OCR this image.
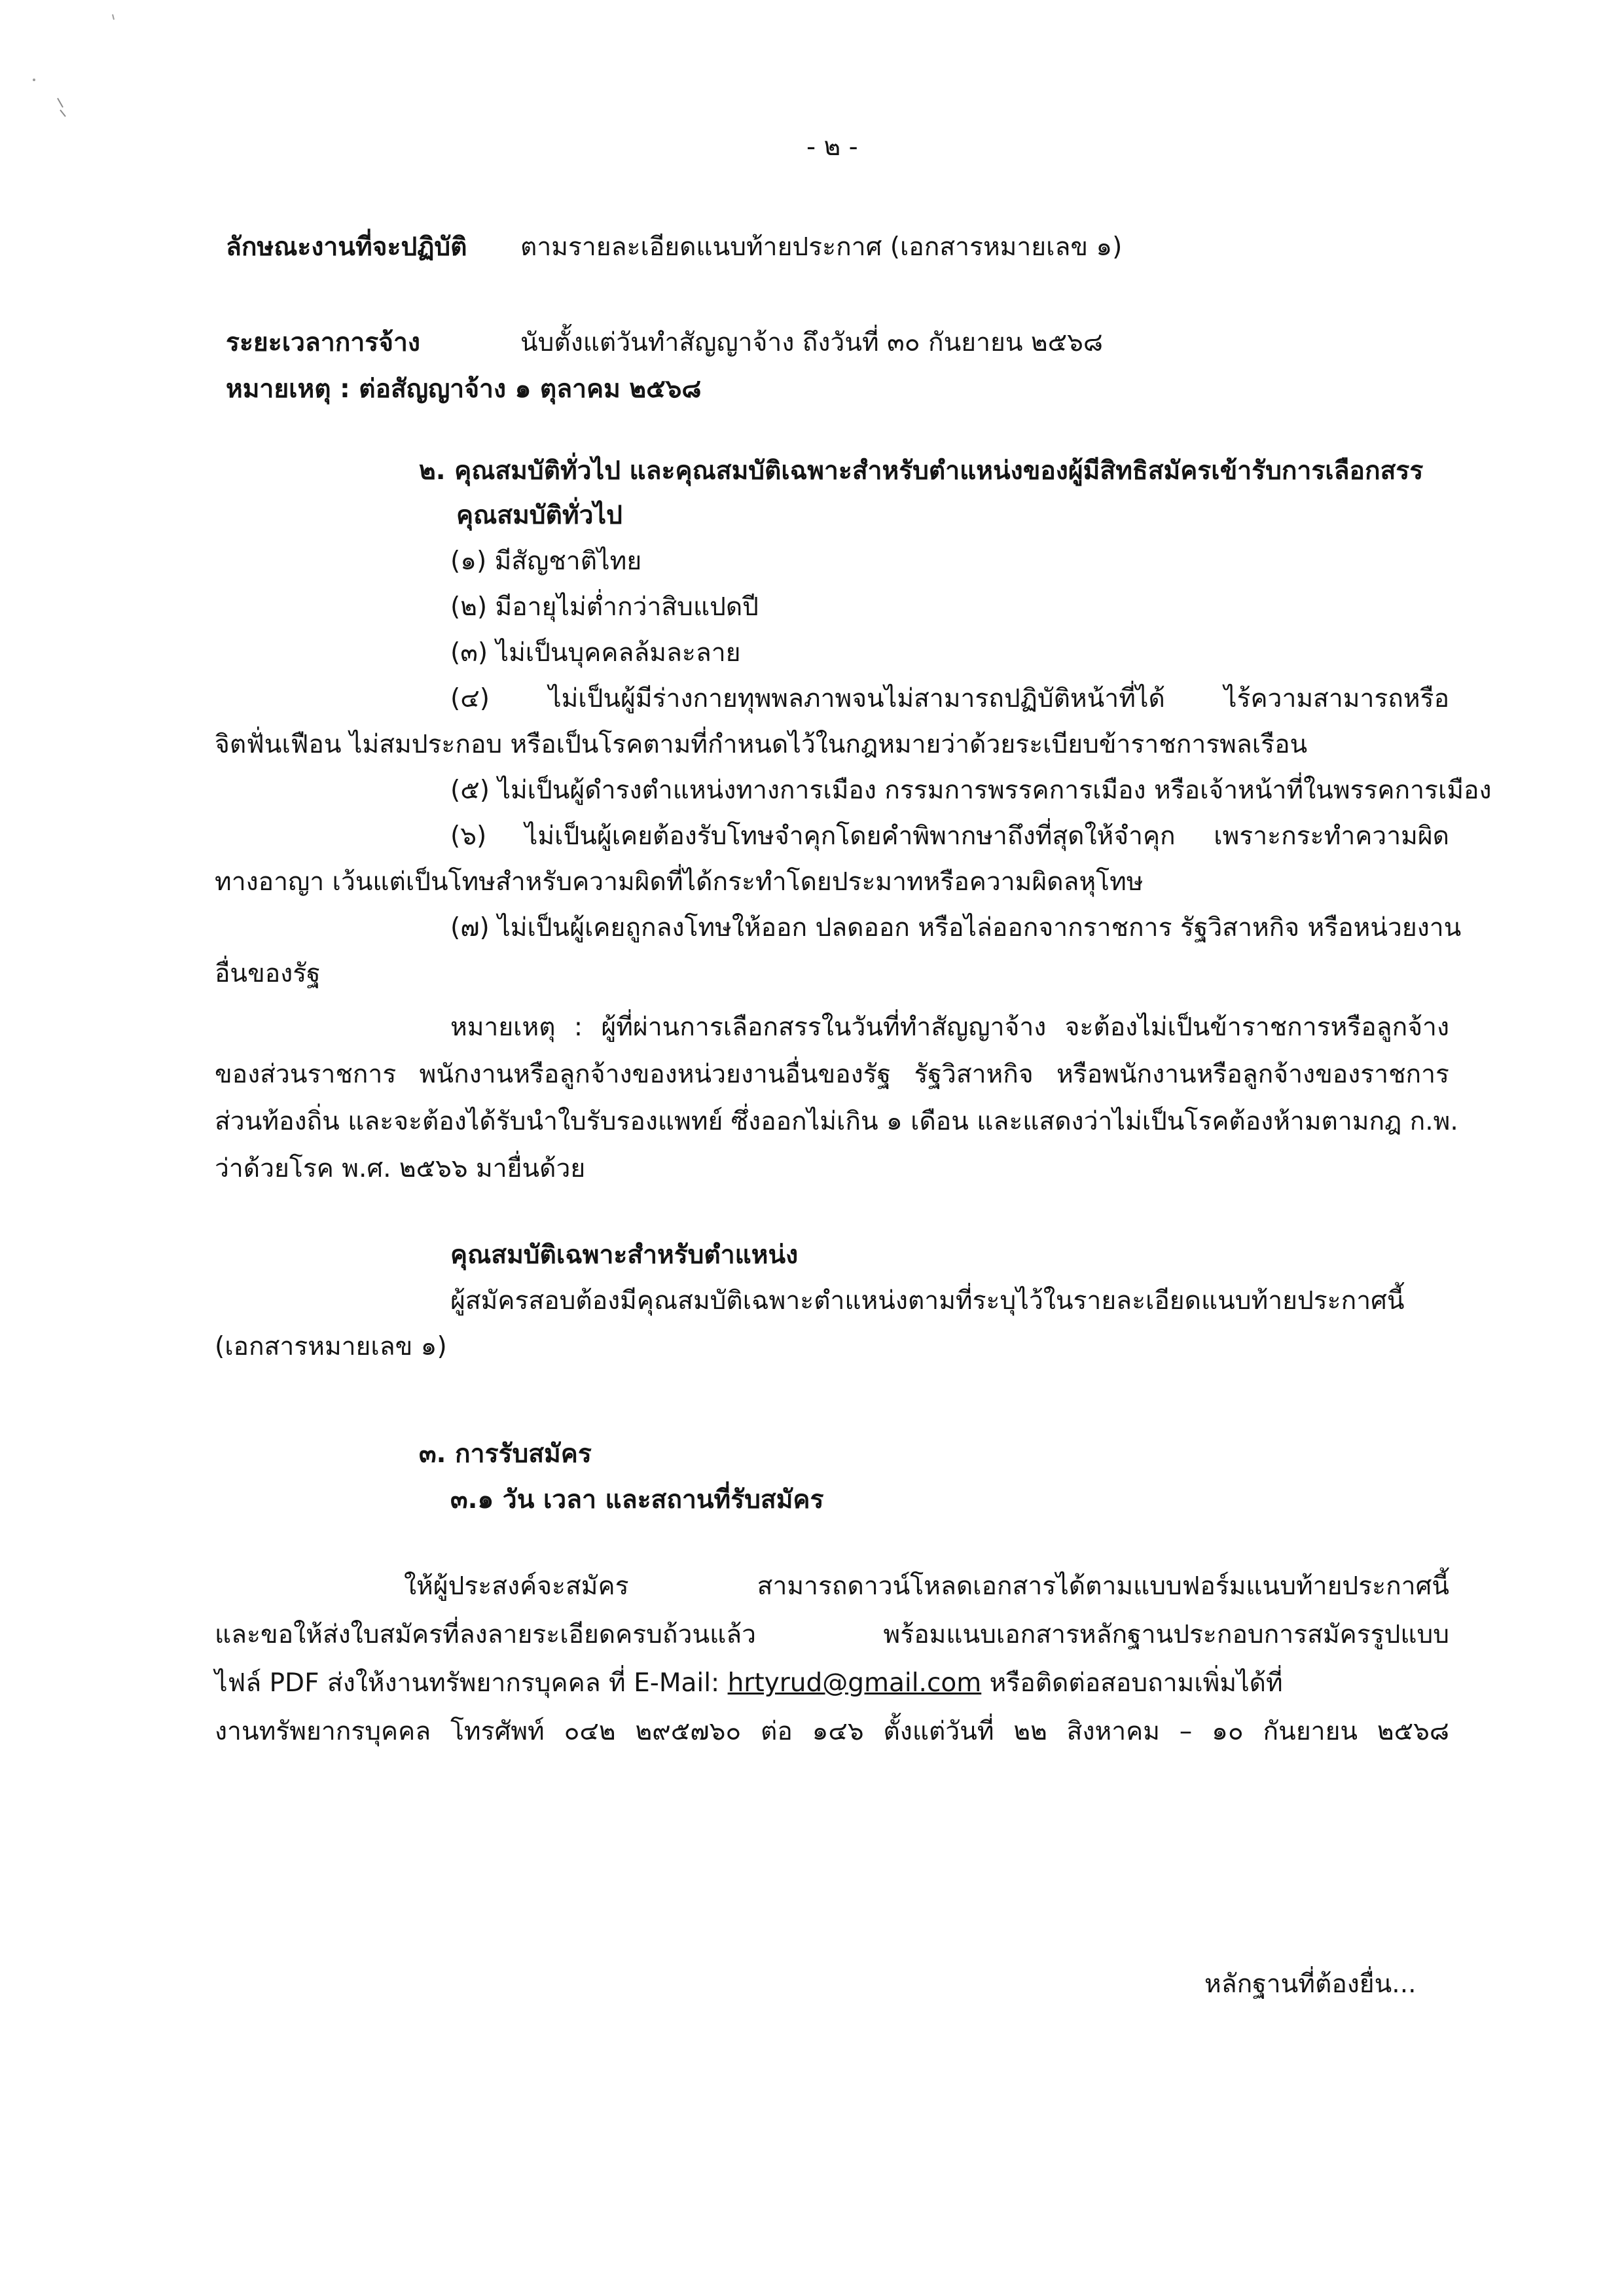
- ๒ -
ลักษณะงานที่จะปฏิบัติ ตามรายละเอียดแนบท้ายประกาศ (เอกสารหมายเลข ๑)
ระยะเวลาการจ้าง	นับตั้งแต่วันทำสัญญาจ้าง ถึงวันที่ ๓๐ กันยายน ๒๕๖๘
หมายเหตุ : ต่อสัญญาจ้าง ๑ ตุลาคม ๒๕๖๘
๒. คุณสมบัติทั่วไป และคุณสมบัติเฉพาะสำหรับตำแหน่งของผู้มีสิทธิสมัครเข้ารับการเลือกสรร
คุณสมบัติทั่วไป
(๑) มีสัญชาติไทย
(๒) มีอายุไม่ต่ำกว่าสิบแปดปี
(๓) ไม่เป็นบุคคลล้มละลาย
(๔) ไม่เป็นผู้มีร่างกายทุพพลภาพจนไม่สามารถปฏิบัติหน้าที่ได้ ไร้ความสามารถหรือ
จิตฟั่นเฟือน ไม่สมประกอบ หรือเป็นโรคตามที่กำหนดไว้ในกฎหมายว่าด้วยระเบียบข้าราชการพลเรือน
(๕) ไม่เป็นผู้ดำรงตำแหน่งทางการเมือง กรรมการพรรคการเมือง หรือเจ้าหน้าที่ในพรรคการเมือง
(๖) ไม่เป็นผู้เคยต้องรับโทษจำคุกโดยคำพิพากษาถึงที่สุดให้จำคุก เพราะกระทำความผิด
ทางอาญา เว้นแต่เป็นโทษสำหรับความผิดที่ได้กระทำโดยประมาทหรือความผิดลหุโทษ
(๗) ไม่เป็นผู้เคยถูกลงโทษให้ออก ปลดออก หรือไล่ออกจากราชการ รัฐวิสาหกิจ หรือหน่วยงาน
อื่นของรัฐ
หมายเหตุ : ผู้ที่ผ่านการเลือกสรรในวันที่ทำสัญญาจ้าง จะต้องไม่เป็นข้าราชการหรือลูกจ้าง
ของส่วนราชการ พนักงานหรือลูกจ้างของหน่วยงานอื่นของรัฐ รัฐวิสาหกิจ หรือพนักงานหรือลูกจ้างของราชการ
ส่วนท้องถิ่น และจะต้องได้รับนำใบรับรองแพทย์ ซึ่งออกไม่เกิน ๑ เดือน และแสดงว่าไม่เป็นโรคต้องห้ามตามกฎ ก.พ.
ว่าด้วยโรค พ.ศ. ๒๕๖๖ มายื่นด้วย
คุณสมบัติเฉพาะสำหรับตำแหน่ง
ผู้สมัครสอบต้องมีคุณสมบัติเฉพาะตำแหน่งตามที่ระบุไว้ในรายละเอียดแนบท้ายประกาศนี้
(เอกสารหมายเลข ๑)
๓. การรับสมัคร
๓.๑ วัน เวลา และสถานที่รับสมัคร
ให้ผู้ประสงค์จะสมัคร สามารถดาวน์โหลดเอกสารได้ตามแบบฟอร์มแนบท้ายประกาศนี้
และขอให้ส่งใบสมัครที่ลงลายระเอียดครบถ้วนแล้ว พร้อมแนบเอกสารหลักฐานประกอบการสมัครรูปแบบ
ไฟล์ PDF ส่งให้งานทรัพยากรบุคคล ที่ E-Mail: hrtyrud@gmail.com หรือติดต่อสอบถามเพิ่มได้ที่
งานทรัพยากรบุคคล โทรศัพท์ ๐๔๒ ๒๙๕๗๖๐ ต่อ ๑๔๖ ตั้งแต่วันที่ ๒๒ สิงหาคม – ๑๐ กันยายน ๒๕๖๘
หลักฐานที่ต้องยื่น...
